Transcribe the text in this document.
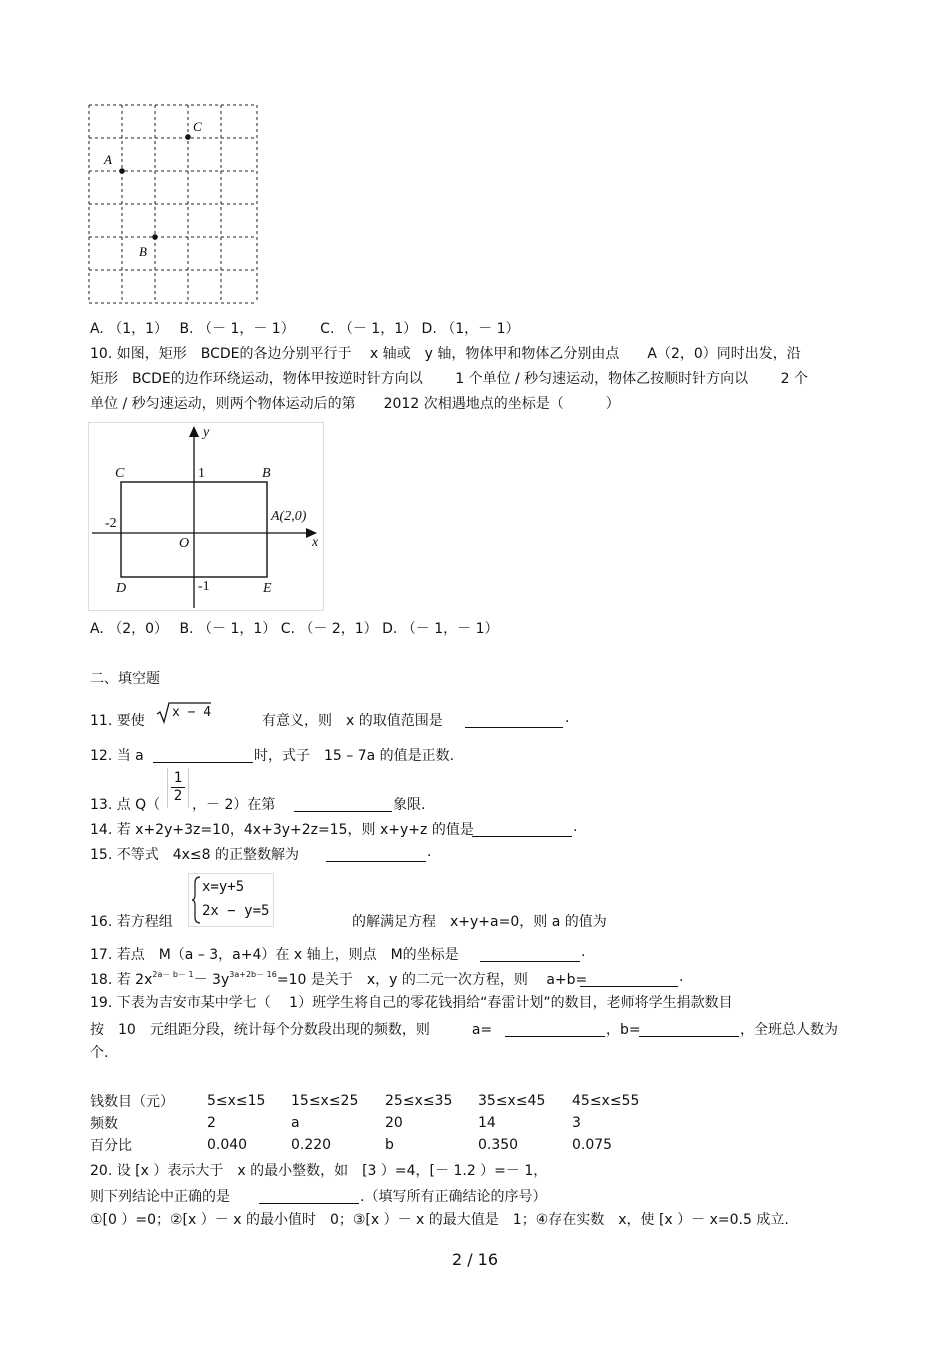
C
A
B
A. （1，1）　 B. （－ 1，－ 1）　　 C. （－ 1，1） D. （1，－ 1）
10. 如图，矩形　BCDE的各边分别平行于　 x 轴或　y 轴，物体甲和物体乙分别由点　　A（2，0）同时出发，沿
矩形　BCDE的边作环绕运动，物体甲按逆时针方向以　　 1 个单位 / 秒匀速运动，物体乙按顺时针方向以　　 2 个
单位 / 秒匀速运动，则两个物体运动后的第　　2012 次相遇地点的坐标是（　　　）
y
x
C	B
D	E
O
A(2,0)
1
-1
-2
A. （2，0）　 B. （－ 1，1） C. （－ 2，1） D. （－ 1，－ 1）
二、填空题
11. 要使
x − 4
有意义，则　x 的取值范围是	.
12. 当 a	时，式子　15 – 7a 的值是正数.
13. 点 Q（
1
2
，－ 2）在第	象限.
14. 若 x+2y+3z=10，4x+3y+2z=15，则 x+y+z 的值是	.
15. 不等式　4x≤8 的正整数解为	.
16. 若方程组
x=y+5
2x − y=5
的解满足方程　x+y+a=0，则 a 的值为
17. 若点　M（a – 3，a+4）在 x 轴上，则点　M的坐标是	.
18. 若 $2x^{2a- b- 1}- 3y^{3a+2b- 16}=10$ 是关于　x，y 的二元一次方程，则　 a+b=	.
19. 下表为吉安市某中学七（　 1）班学生将自己的零花钱捐给“春雷计划”的数目，老师将学生捐款数目
按　10　元组距分段，统计每个分数段出现的频数，则　　　a=	，b=	，全班总人数为
个.
钱数目（元）	5≤x≤15	15≤x≤25	25≤x≤35	35≤x≤45	45≤x≤55
频数	2	a	20	14	3
百分比	0.040	0.220	b	0.350	0.075
20. 设 [x ）表示大于　x 的最小整数，如　[3 ）=4，[－ 1.2 ）=－ 1，
则下列结论中正确的是	.（填写所有正确结论的序号）
①[0 ）=0；②[x ）－ x 的最小值时　0；③[x ）－ x 的最大值是　1；④存在实数　x，使 [x ）－ x=0.5 成立.
2 / 16
